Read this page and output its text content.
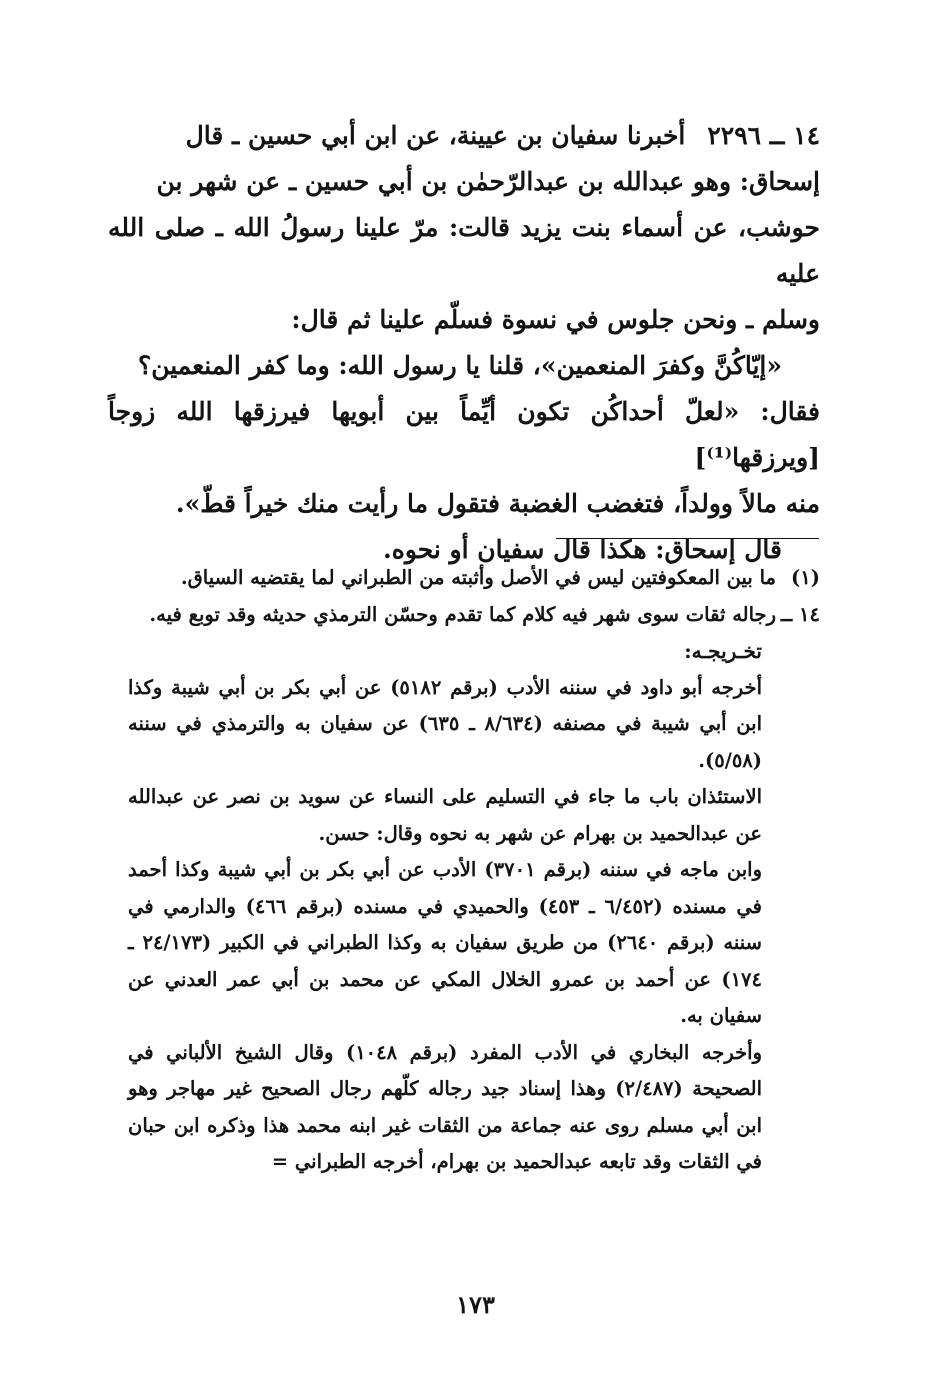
١٤ ــ ٢٢٩٦أخبرنا سفيان بن عيينة، عن ابن أبي حسين ـ قال

إسحاق: وهو عبدالله بن عبدالرّحمٰن بن أبي حسين ـ عن شهر بن

حوشب، عن أسماء بنت يزيد قالت: مرّ علينا رسولُ الله ـ صلى الله عليه

وسلم ـ ونحن جلوس في نسوة فسلّم علينا ثم قال:

«إيّاكُنَّ وكفرَ المنعمين»، قلنا يا رسول الله: وما كفر المنعمين؟

فقال: «لعلّ أحداكُن تكون أيِّماً بين أبويها فيرزقها الله زوجاً [ويرزقها⁽¹⁾]

منه مالاً وولداً، فتغضب الغضبة فتقول ما رأيت منك خيراً قطّ».

قال إسحاق: هكذا قال سفيان أو نحوه.

(١)ما بين المعكوفتين ليس في الأصل وأثبته من الطبراني لما يقتضيه السياق.

١٤ ــرجاله ثقات سوى شهر فيه كلام كما تقدم وحسّن الترمذي حديثه وقد توبع فيه.

تخـريجـه:

أخرجه أبو داود في سننه الأدب (برقم ٥١٨٢) عن أبي بكر بن أبي شيبة وكذا ابن أبي شيبة في مصنفه (٨/٦٣٤ ـ ٦٣٥) عن سفيان به والترمذي في سننه (٥/٥٨).

الاستئذان باب ما جاء في التسليم على النساء عن سويد بن نصر عن عبدالله عن عبدالحميد بن بهرام عن شهر به نحوه وقال: حسن.

وابن ماجه في سننه (برقم ٣٧٠١) الأدب عن أبي بكر بن أبي شيبة وكذا أحمد في مسنده (٦/٤٥٢ ـ ٤٥٣) والحميدي في مسنده (برقم ٤٦٦) والدارمي في سننه (برقم ٢٦٤٠) من طريق سفيان به وكذا الطبراني في الكبير (٢٤/١٧٣ ـ ١٧٤) عن أحمد بن عمرو الخلال المكي عن محمد بن أبي عمر العدني عن سفيان به.

وأخرجه البخاري في الأدب المفرد (برقم ١٠٤٨) وقال الشيخ الألباني في الصحيحة (٢/٤٨٧) وهذا إسناد جيد رجاله كلّهم رجال الصحيح غير مهاجر وهو ابن أبي مسلم روى عنه جماعة من الثقات غير ابنه محمد هذا وذكره ابن حبان في الثقات وقد تابعه عبدالحميد بن بهرام، أخرجه الطبراني =

١٧٣
